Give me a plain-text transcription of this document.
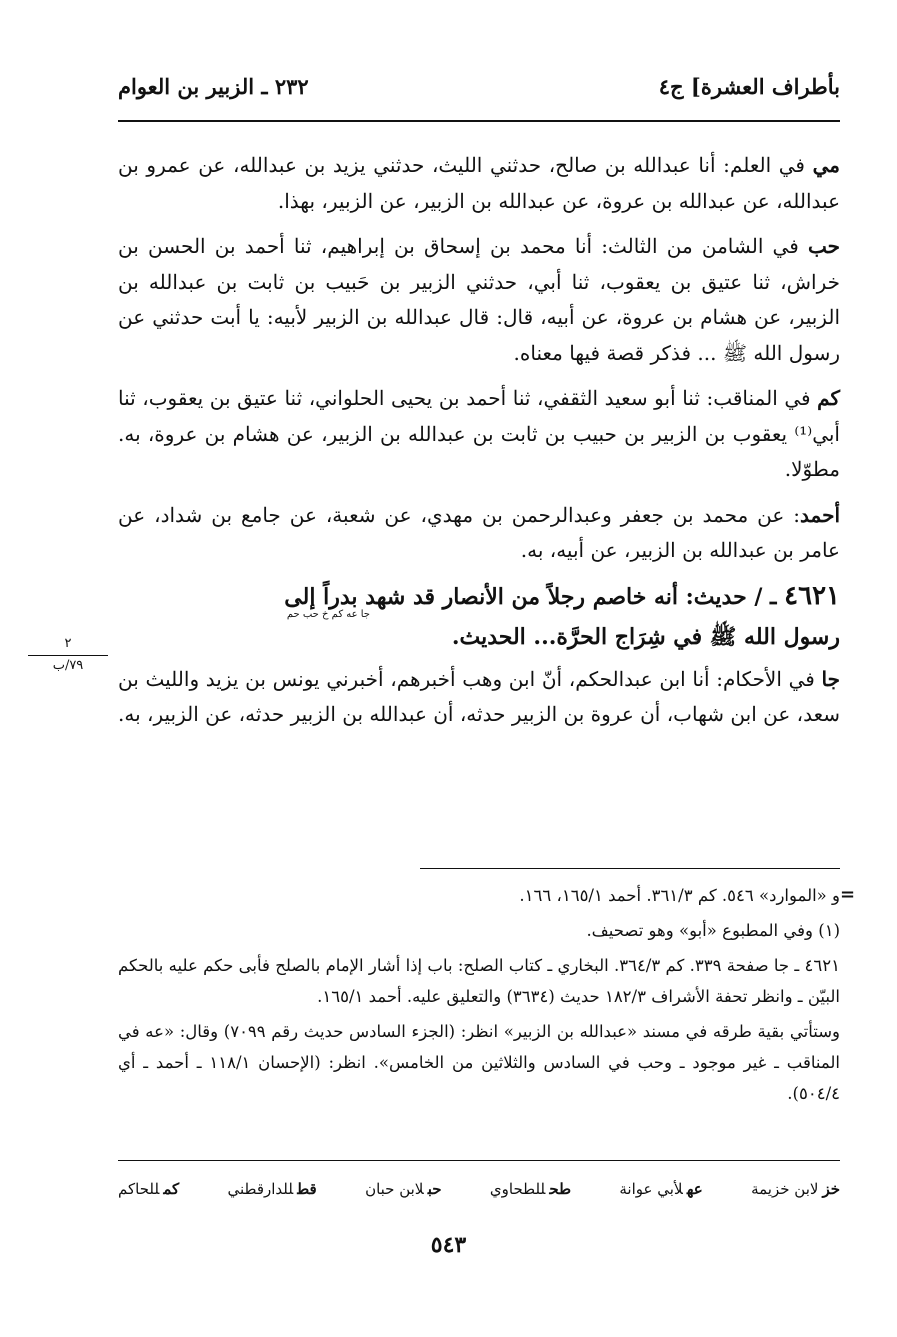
بأطراف العشرة] ج٤
٢٣٢ ـ الزبير بن العوام
٢
٧٩/ب

مي في العلم: أنا عبدالله بن صالح، حدثني الليث، حدثني يزيد بن عبدالله، عن عمرو بن عبدالله، عن عبدالله بن عروة، عن عبدالله بن الزبير، عن الزبير، بهذا.

حب في الشامن من الثالث: أنا محمد بن إسحاق بن إبراهيم، ثنا أحمد بن الحسن بن خراش، ثنا عتيق بن يعقوب، ثنا أبي، حدثني الزبير بن حَبيب بن ثابت بن عبدالله بن الزبير، عن هشام بن عروة، عن أبيه، قال: قال عبدالله بن الزبير لأبيه: يا أبت حدثني عن رسول الله ﷺ ... فذكر قصة فيها معناه.

كم في المناقب: ثنا أبو سعيد الثقفي، ثنا أحمد بن يحيى الحلواني، ثنا عتيق بن يعقوب، ثنا أبي⁽¹⁾ يعقوب بن الزبير بن حبيب بن ثابت بن عبدالله بن الزبير، عن هشام بن عروة، به. مطوّلا.

أحمد: عن محمد بن جعفر وعبدالرحمن بن مهدي، عن شعبة، عن جامع بن شداد، عن عامر بن عبدالله بن الزبير، عن أبيه، به.

٤٦٢١ ـ / حديث: أنه خاصم رجلاً من الأنصار قد شهد بدراً إلى
جا عه كم خ حب حم
رسول الله ﷺ في شِرَاج الحرَّة... الحديث.

جا في الأحكام: أنا ابن عبدالحكم، أنّ ابن وهب أخبرهم، أخبرني يونس بن يزيد والليث بن سعد، عن ابن شهاب، أن عروة بن الزبير حدثه، أن عبدالله بن الزبير حدثه، عن الزبير، به.

=

و «الموارد» ٥٤٦. كم ٣٦١/٣. أحمد ١٦٥/١، ١٦٦.

(١) وفي المطبوع «أبو» وهو تصحيف.

٤٦٢١ ـ جا صفحة ٣٣٩. كم ٣٦٤/٣. البخاري ـ كتاب الصلح: باب إذا أشار الإمام بالصلح فأبى حكم عليه بالحكم البيّن ـ وانظر تحفة الأشراف ١٨٢/٣ حديث (٣٦٣٤) والتعليق عليه. أحمد ١٦٥/١.

وستأتي بقية طرقه في مسند «عبدالله بن الزبير» انظر: (الجزء السادس حديث رقم ٧٠٩٩) وقال: «عه في المناقب ـ غير موجود ـ وحب في السادس والثلاثين من الخامس». انظر: (الإحسان ١١٨/١ ـ أحمد ـ أي ٥٠٤/٤).

خزلابن خزيمة
عهلأبي عوانة
طحللطحاوي
حبلابن حبان
قطللدارقطني
كمللحاكم
٥٤٣
